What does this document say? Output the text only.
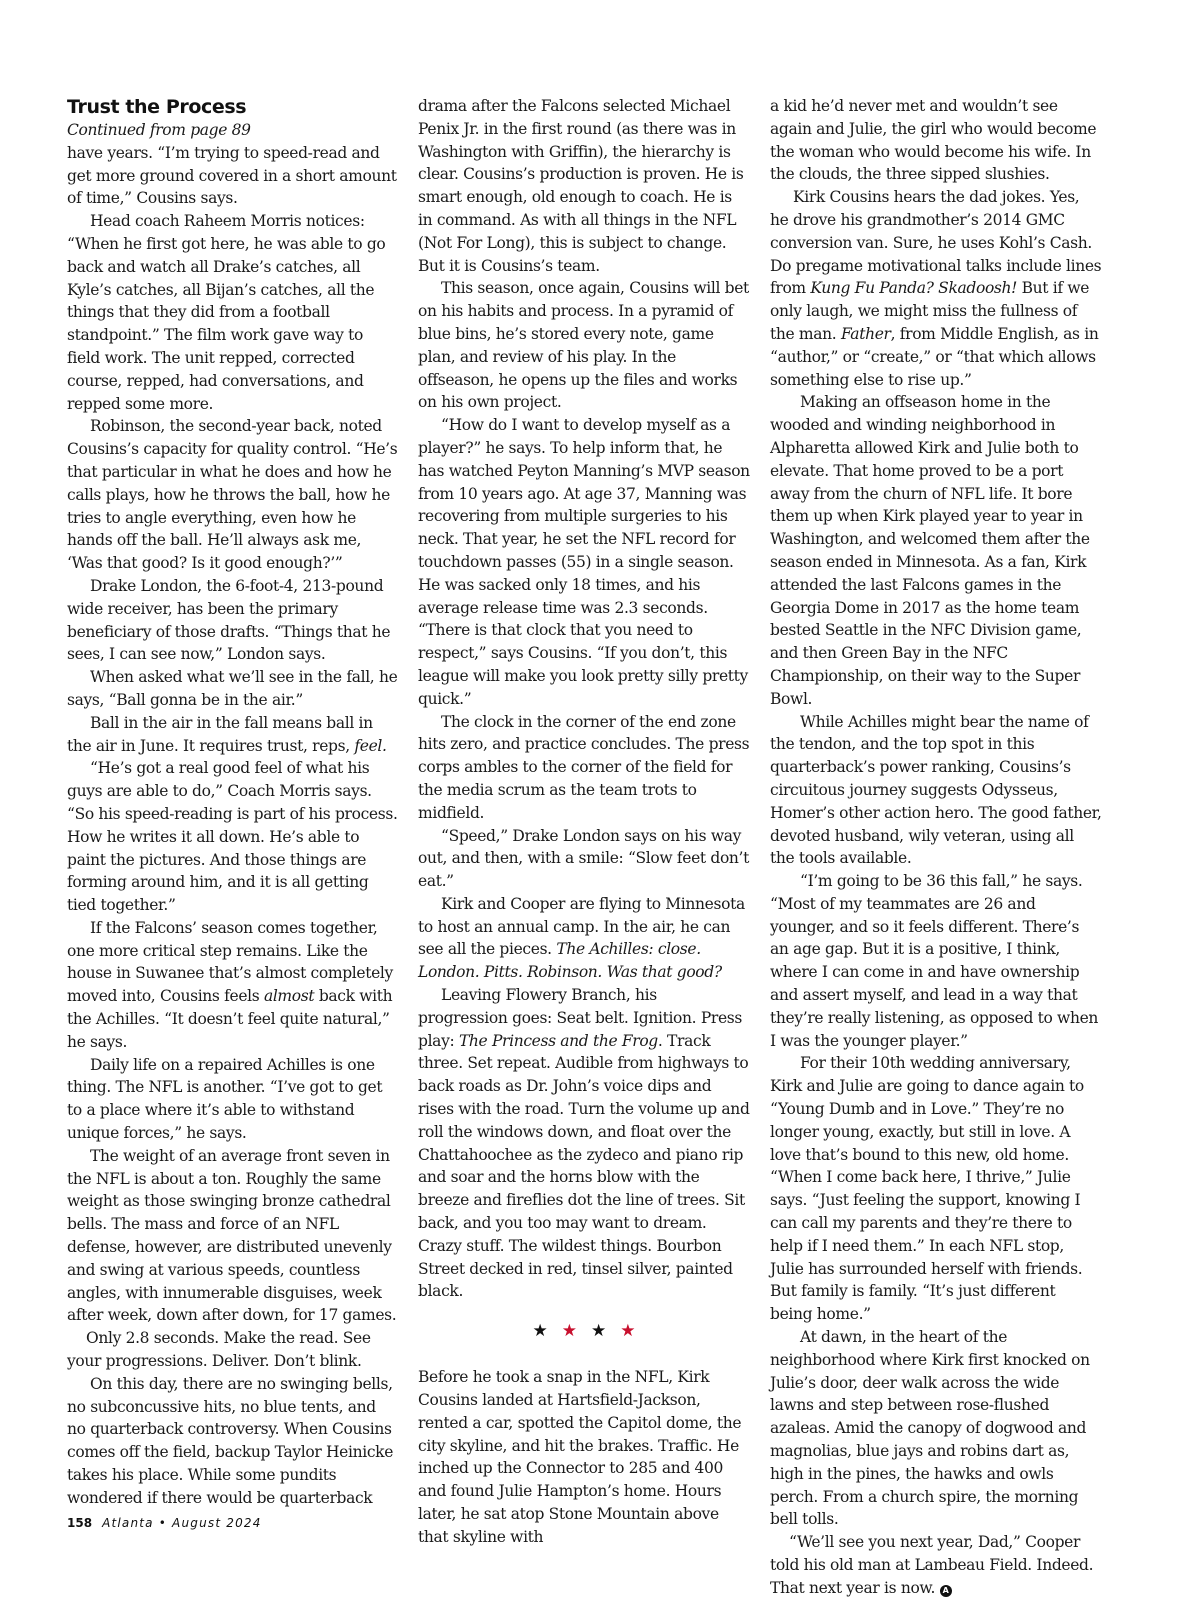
Trust the Process

Continued from page 89

have years. “I’m trying to speed-read and get more ground covered in a short amount of time,” Cousins says.

Head coach Raheem Morris notices: “When he first got here, he was able to go back and watch all Drake’s catches, all Kyle’s catches, all Bijan’s catches, all the things that they did from a football standpoint.” The film work gave way to field work. The unit repped, corrected course, repped, had conversations, and repped some more.

Robinson, the second-year back, noted Cousins’s capacity for quality control. “He’s that particular in what he does and how he calls plays, how he throws the ball, how he tries to angle everything, even how he hands off the ball. He’ll always ask me, ‘Was that good? Is it good enough?’”

Drake London, the 6-foot-4, 213-pound wide receiver, has been the primary beneficiary of those drafts. “Things that he sees, I can see now,” London says.

When asked what we’ll see in the fall, he says, “Ball gonna be in the air.”

Ball in the air in the fall means ball in the air in June. It requires trust, reps, feel.

“He’s got a real good feel of what his guys are able to do,” Coach Morris says. “So his speed-reading is part of his process. How he writes it all down. He’s able to paint the pictures. And those things are forming around him, and it is all getting tied together.”

If the Falcons’ season comes together, one more critical step remains. Like the house in Suwanee that’s almost completely moved into, Cousins feels almost back with the Achilles. “It doesn’t feel quite natural,” he says.

Daily life on a repaired Achilles is one thing. The NFL is another. “I’ve got to get to a place where it’s able to withstand unique forces,” he says.

The weight of an average front seven in the NFL is about a ton. Roughly the same weight as those swinging bronze cathedral bells. The mass and force of an NFL defense, however, are distributed unevenly and swing at various speeds, countless angles, with innumerable disguises, week after week, down after down, for 17 games.

Only 2.8 seconds. Make the read. See your progressions. Deliver. Don’t blink.

On this day, there are no swinging bells, no subconcussive hits, no blue tents, and no quarterback controversy. When Cousins comes off the field, backup Taylor Heinicke takes his place. While some pundits wondered if there would be quarterback

drama after the Falcons selected Michael Penix Jr. in the first round (as there was in Washington with Griffin), the hierarchy is clear. Cousins’s production is proven. He is smart enough, old enough to coach. He is in command. As with all things in the NFL (Not For Long), this is subject to change. But it is Cousins’s team.

This season, once again, Cousins will bet on his habits and process. In a pyramid of blue bins, he’s stored every note, game plan, and review of his play. In the offseason, he opens up the files and works on his own project.

“How do I want to develop myself as a player?” he says. To help inform that, he has watched Peyton Manning’s MVP season from 10 years ago. At age 37, Manning was recovering from multiple surgeries to his neck. That year, he set the NFL record for touchdown passes (55) in a single season. He was sacked only 18 times, and his average release time was 2.3 seconds. “There is that clock that you need to respect,” says Cousins. “If you don’t, this league will make you look pretty silly pretty quick.”

The clock in the corner of the end zone hits zero, and practice concludes. The press corps ambles to the corner of the field for the media scrum as the team trots to midfield.

“Speed,” Drake London says on his way out, and then, with a smile: “Slow feet don’t eat.”

Kirk and Cooper are flying to Minnesota to host an annual camp. In the air, he can see all the pieces. The Achilles: close. London. Pitts. Robinson. Was that good?

Leaving Flowery Branch, his progression goes: Seat belt. Ignition. Press play: The Princess and the Frog. Track three. Set repeat. Audible from highways to back roads as Dr. John’s voice dips and rises with the road. Turn the volume up and roll the windows down, and float over the Chattahoochee as the zydeco and piano rip and soar and the horns blow with the breeze and fireflies dot the line of trees. Sit back, and you too may want to dream. Crazy stuff. The wildest things. Bourbon Street decked in red, tinsel silver, painted black.

★★★★

Before he took a snap in the NFL, Kirk Cousins landed at Hartsfield-Jackson, rented a car, spotted the Capitol dome, the city skyline, and hit the brakes. Traffic. He inched up the Connector to 285 and 400 and found Julie Hampton’s home. Hours later, he sat atop Stone Mountain above that skyline with

a kid he’d never met and wouldn’t see again and Julie, the girl who would become the woman who would become his wife. In the clouds, the three sipped slushies.

Kirk Cousins hears the dad jokes. Yes, he drove his grandmother’s 2014 GMC conversion van. Sure, he uses Kohl’s Cash. Do pregame motivational talks include lines from Kung Fu Panda? Skadoosh! But if we only laugh, we might miss the fullness of the man. Father, from Middle English, as in “author,” or “create,” or “that which allows something else to rise up.”

Making an offseason home in the wooded and winding neighborhood in Alpharetta allowed Kirk and Julie both to elevate. That home proved to be a port away from the churn of NFL life. It bore them up when Kirk played year to year in Washington, and welcomed them after the season ended in Minnesota. As a fan, Kirk attended the last Falcons games in the Georgia Dome in 2017 as the home team bested Seattle in the NFC Division game, and then Green Bay in the NFC Championship, on their way to the Super Bowl.

While Achilles might bear the name of the tendon, and the top spot in this quarterback’s power ranking, Cousins’s circuitous journey suggests Odysseus, Homer’s other action hero. The good father, devoted husband, wily veteran, using all the tools available.

“I’m going to be 36 this fall,” he says. “Most of my teammates are 26 and younger, and so it feels different. There’s an age gap. But it is a positive, I think, where I can come in and have ownership and assert myself, and lead in a way that they’re really listening, as opposed to when I was the younger player.”

For their 10th wedding anniversary, Kirk and Julie are going to dance again to “Young Dumb and in Love.” They’re no longer young, exactly, but still in love. A love that’s bound to this new, old home. “When I come back here, I thrive,” Julie says. “Just feeling the support, knowing I can call my parents and they’re there to help if I need them.” In each NFL stop, Julie has surrounded herself with friends. But family is family. “It’s just different being home.”

At dawn, in the heart of the neighborhood where Kirk first knocked on Julie’s door, deer walk across the wide lawns and step between rose-flushed azaleas. Amid the canopy of dogwood and magnolias, blue jays and robins dart as, high in the pines, the hawks and owls perch. From a church spire, the morning bell tolls.

“We’ll see you next year, Dad,” Cooper told his old man at Lambeau Field. Indeed. That next year is now. A

158 Atlanta • August 2024
